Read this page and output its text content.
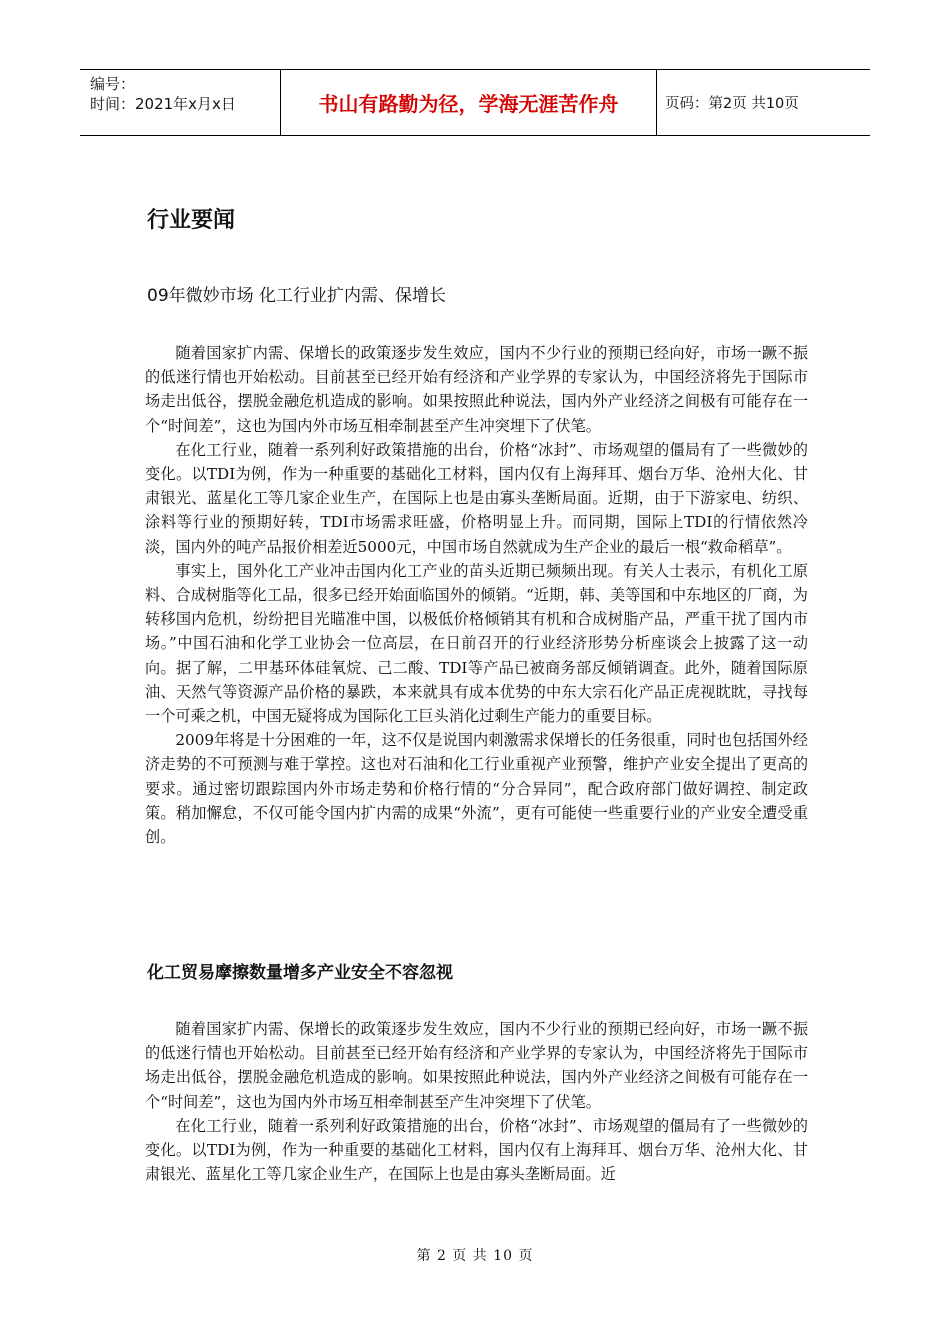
编号：
时间：2021年x月x日	书山有路勤为径，学海无涯苦作舟	页码：第2页 共10页
行业要闻
09年微妙市场 化工行业扩内需、保增长

随着国家扩内需、保增长的政策逐步发生效应，国内不少行业的预期已经向好，市场一蹶不振的低迷行情也开始松动。目前甚至已经开始有经济和产业学界的专家认为，中国经济将先于国际市场走出低谷，摆脱金融危机造成的影响。如果按照此种说法，国内外产业经济之间极有可能存在一个“时间差”，这也为国内外市场互相牵制甚至产生冲突埋下了伏笔。

在化工行业，随着一系列利好政策措施的出台，价格“冰封”、市场观望的僵局有了一些微妙的变化。以TDI为例，作为一种重要的基础化工材料，国内仅有上海拜耳、烟台万华、沧州大化、甘肃银光、蓝星化工等几家企业生产，在国际上也是由寡头垄断局面。近期，由于下游家电、纺织、涂料等行业的预期好转，TDI市场需求旺盛，价格明显上升。而同期，国际上TDI的行情依然冷淡，国内外的吨产品报价相差近5000元，中国市场自然就成为生产企业的最后一根“救命稻草”。

事实上，国外化工产业冲击国内化工产业的苗头近期已频频出现。有关人士表示，有机化工原料、合成树脂等化工品，很多已经开始面临国外的倾销。“近期，韩、美等国和中东地区的厂商，为转移国内危机，纷纷把目光瞄准中国，以极低价格倾销其有机和合成树脂产品，严重干扰了国内市场。”中国石油和化学工业协会一位高层，在日前召开的行业经济形势分析座谈会上披露了这一动向。据了解，二甲基环体硅氧烷、己二酸、TDI等产品已被商务部反倾销调查。此外，随着国际原油、天然气等资源产品价格的暴跌，本来就具有成本优势的中东大宗石化产品正虎视眈眈，寻找每一个可乘之机，中国无疑将成为国际化工巨头消化过剩生产能力的重要目标。

2009年将是十分困难的一年，这不仅是说国内刺激需求保增长的任务很重，同时也包括国外经济走势的不可预测与难于掌控。这也对石油和化工行业重视产业预警，维护产业安全提出了更高的要求。通过密切跟踪国内外市场走势和价格行情的“分合异同”，配合政府部门做好调控、制定政策。稍加懈怠，不仅可能令国内扩内需的成果“外流”，更有可能使一些重要行业的产业安全遭受重创。

化工贸易摩擦数量增多产业安全不容忽视

随着国家扩内需、保增长的政策逐步发生效应，国内不少行业的预期已经向好，市场一蹶不振的低迷行情也开始松动。目前甚至已经开始有经济和产业学界的专家认为，中国经济将先于国际市场走出低谷，摆脱金融危机造成的影响。如果按照此种说法，国内外产业经济之间极有可能存在一个“时间差”，这也为国内外市场互相牵制甚至产生冲突埋下了伏笔。

在化工行业，随着一系列利好政策措施的出台，价格“冰封”、市场观望的僵局有了一些微妙的变化。以TDI为例，作为一种重要的基础化工材料，国内仅有上海拜耳、烟台万华、沧州大化、甘肃银光、蓝星化工等几家企业生产，在国际上也是由寡头垄断局面。近

第 2 页 共 10 页
